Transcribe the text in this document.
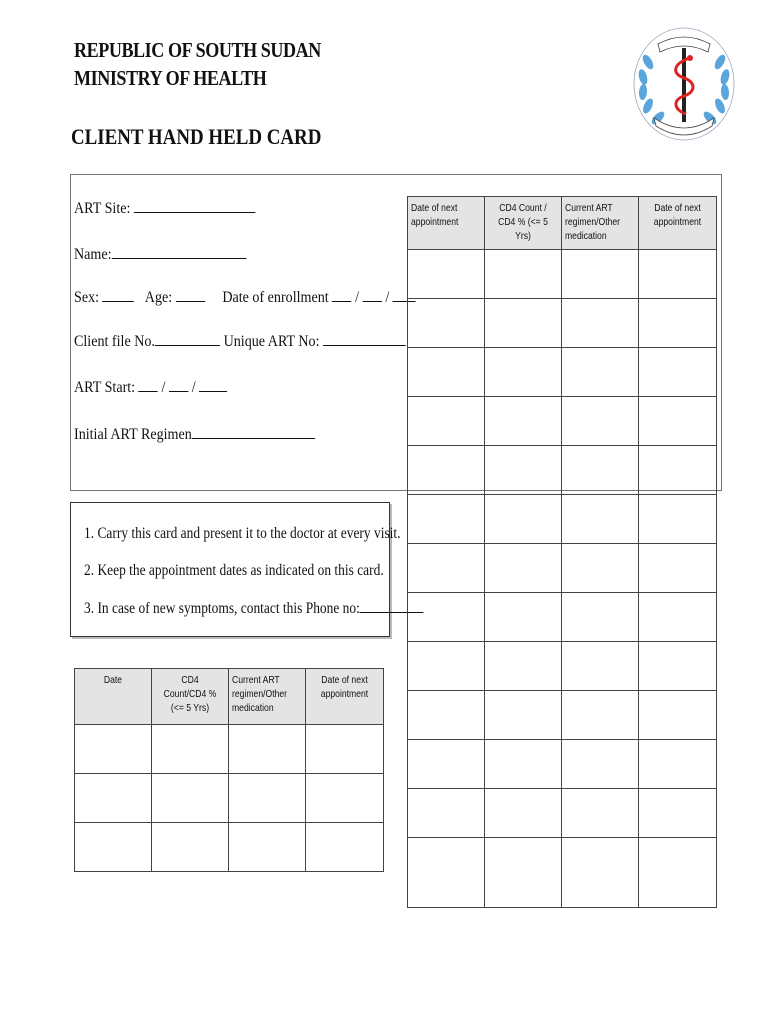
REPUBLIC OF SOUTH SUDAN
MINISTRY OF HEALTH
CLIENT HAND HELD CARD
ART Site:
Name:
Sex:	Age:	Date of enrollment / /
Client file No.	Unique ART No:
ART Start: / /
Initial ART Regimen
1. Carry this card and present it to the doctor at every visit.
2. Keep the appointment dates as indicated on this card.
3. In case of new symptoms, contact this Phone no:
Date	CD4 Count/CD4 % (<= 5 Yrs)	Current ART regimen/Other medication	Date of next appointment

Date of next appointment	CD4 Count / CD4 % (<= 5 Yrs)	Current ART regimen/Other medication	Date of next appointment
